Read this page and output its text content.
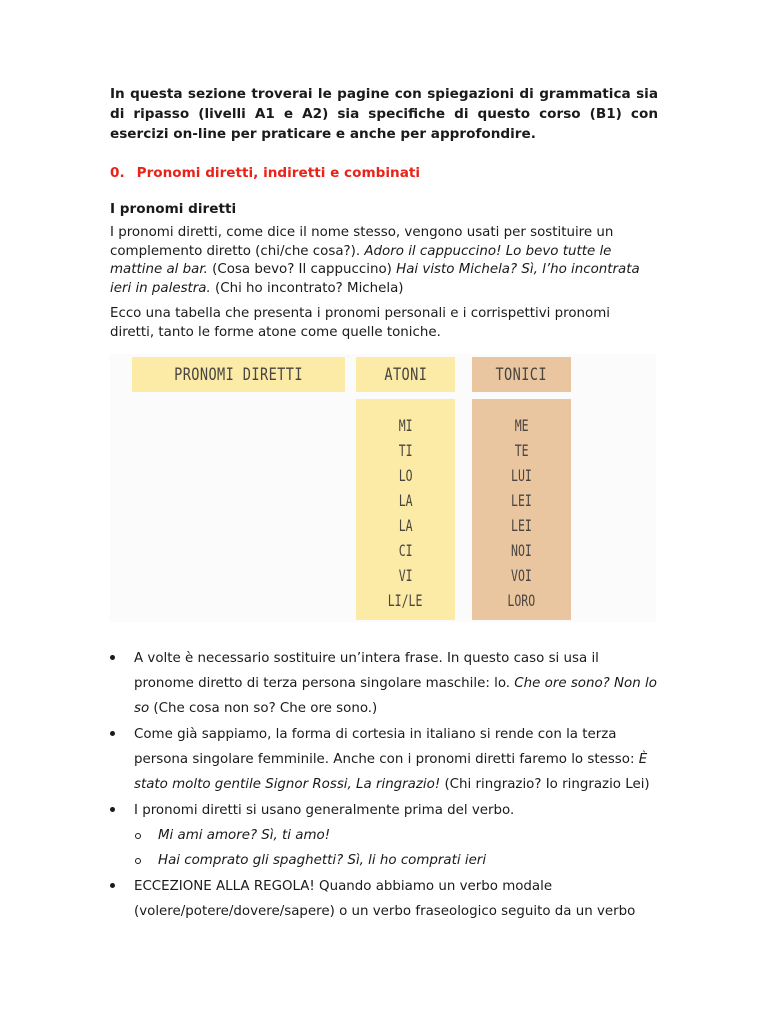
In questa sezione troverai le pagine con spiegazioni di grammatica sia di ripasso (livelli A1 e A2) sia specifiche di questo corso (B1) con esercizi on-line per praticare e anche per approfondire.

0. Pronomi diretti, indiretti e combinati

I pronomi diretti

I pronomi diretti, come dice il nome stesso, vengono usati per sostituire un complemento diretto (chi/che cosa?). Adoro il cappuccino! Lo bevo tutte le mattine al bar. (Cosa bevo? Il cappuccino) Hai visto Michela? Sì, l’ho incontrata ieri in palestra. (Chi ho incontrato? Michela)

Ecco una tabella che presenta i pronomi personali e i corrispettivi pronomi diretti, tanto le forme atone come quelle toniche.

PRONOMI DIRETTI	ATONI	TONICI
MI
TI
LO
LA
LA
CI
VI
LI/LE
ME
TE
LUI
LEI
LEI
NOI
VOI
LORO
A volte è necessario sostituire un’intera frase. In questo caso si usa il pronome diretto di terza persona singolare maschile: lo. Che ore sono? Non lo so (Che cosa non so? Che ore sono.)
Come già sappiamo, la forma di cortesia in italiano si rende con la terza persona singolare femminile. Anche con i pronomi diretti faremo lo stesso: È stato molto gentile Signor Rossi, La ringrazio! (Chi ringrazio? Io ringrazio Lei)
I pronomi diretti si usano generalmente prima del verbo.
Mi ami amore? Sì, ti amo!
Hai comprato gli spaghetti? Sì, li ho comprati ieri
ECCEZIONE ALLA REGOLA! Quando abbiamo un verbo modale (volere/potere/dovere/sapere) o un verbo fraseologico seguito da un verbo
